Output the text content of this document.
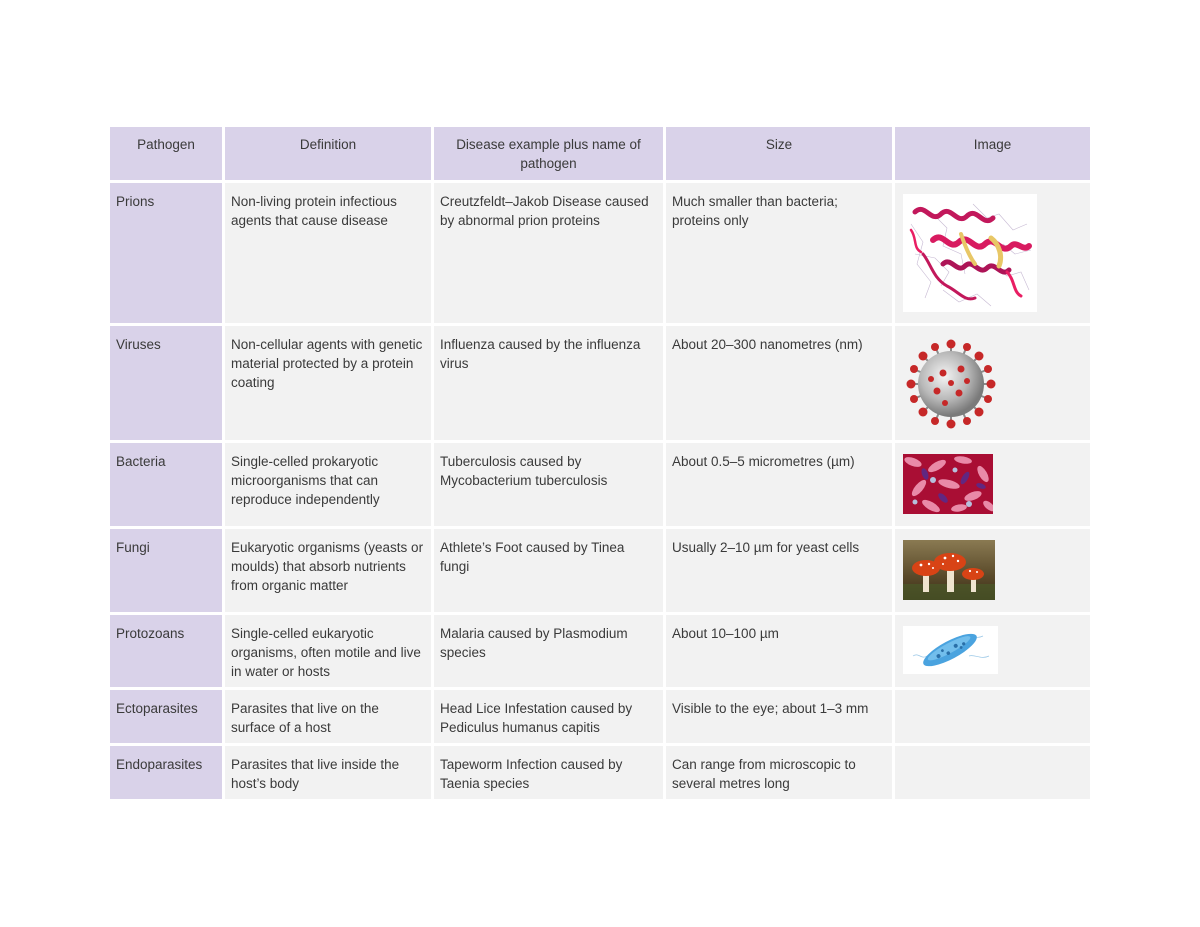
Pathogen	Definition	Disease example plus name of pathogen	Size	Image
Prions	Non-living protein infectious agents that cause disease	Creutzfeldt–Jakob Disease caused by abnormal prion proteins	Much smaller than bacteria; proteins only	

Viruses	Non-cellular agents with genetic material protected by a protein coating	Influenza caused by the influenza virus	About 20–300 nanometres (nm)	

Bacteria	Single-celled prokaryotic microorganisms that can reproduce independently	Tuberculosis caused by Mycobacterium tuberculosis	About 0.5–5 micrometres (µm)	

Fungi	Eukaryotic organisms (yeasts or moulds) that absorb nutrients from organic matter	Athlete’s Foot caused by Tinea fungi	Usually 2–10 µm for yeast cells	

Protozoans	Single-celled eukaryotic organisms, often motile and live in water or hosts	Malaria caused by Plasmodium species	About 10–100 µm	

Ectoparasites	Parasites that live on the surface of a host	Head Lice Infestation caused by Pediculus humanus capitis	Visible to the eye; about 1–3 mm	
Endoparasites	Parasites that live inside the host’s body	Tapeworm Infection caused by Taenia species	Can range from microscopic to several metres long	
